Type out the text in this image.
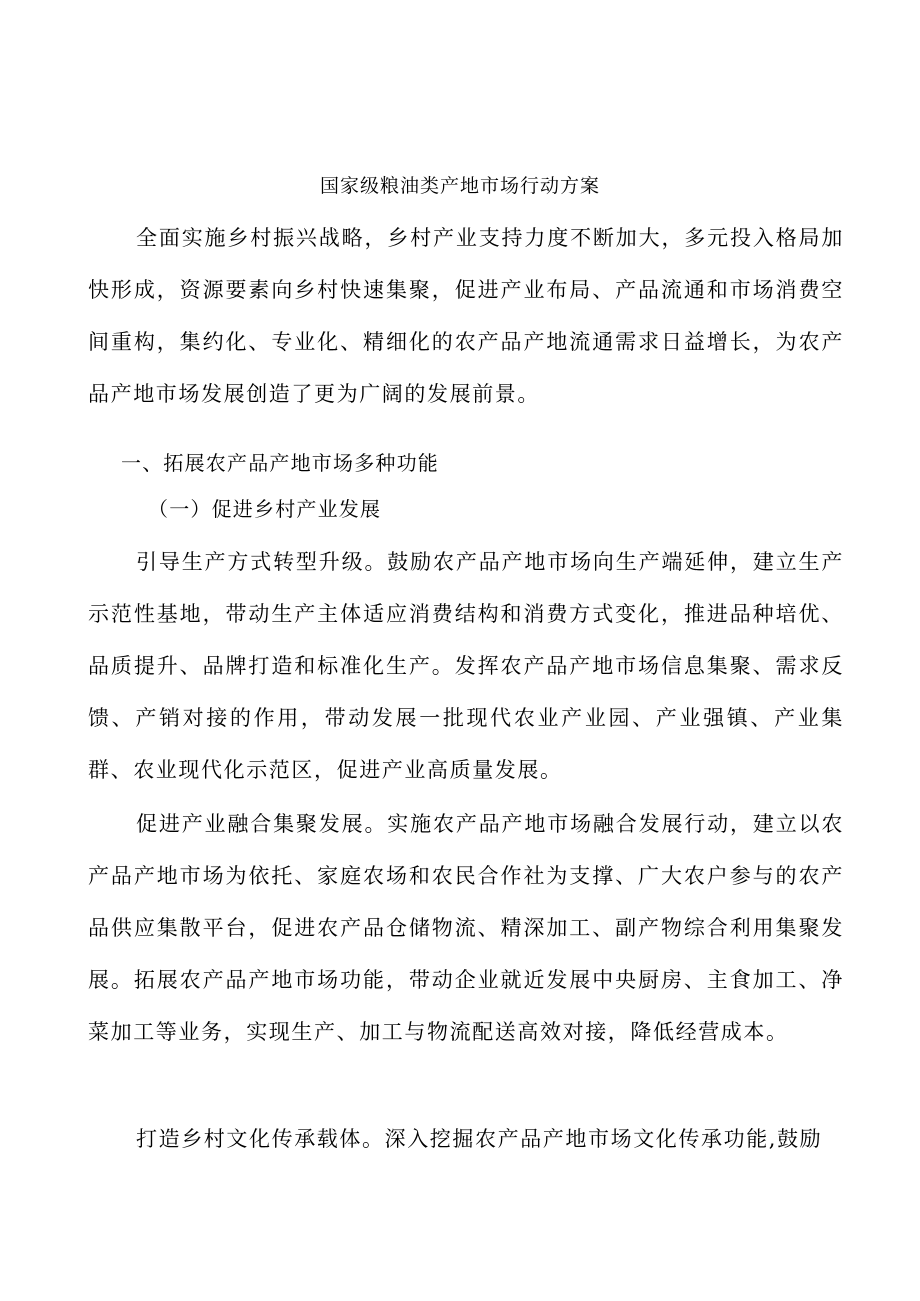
国家级粮油类产地市场行动方案

全面实施乡村振兴战略，乡村产业支持力度不断加大，多元投入格局加快形成，资源要素向乡村快速集聚，促进产业布局、产品流通和市场消费空间重构，集约化、专业化、精细化的农产品产地流通需求日益增长，为农产品产地市场发展创造了更为广阔的发展前景。

一、拓展农产品产地市场多种功能
（一）促进乡村产业发展

引导生产方式转型升级。鼓励农产品产地市场向生产端延伸，建立生产示范性基地，带动生产主体适应消费结构和消费方式变化，推进品种培优、品质提升、品牌打造和标准化生产。发挥农产品产地市场信息集聚、需求反馈、产销对接的作用，带动发展一批现代农业产业园、产业强镇、产业集群、农业现代化示范区，促进产业高质量发展。

促进产业融合集聚发展。实施农产品产地市场融合发展行动，建立以农产品产地市场为依托、家庭农场和农民合作社为支撑、广大农户参与的农产品供应集散平台，促进农产品仓储物流、精深加工、副产物综合利用集聚发展。拓展农产品产地市场功能，带动企业就近发展中央厨房、主食加工、净菜加工等业务，实现生产、加工与物流配送高效对接，降低经营成本。

打造乡村文化传承载体。深入挖掘农产品产地市场文化传承功能,鼓励
